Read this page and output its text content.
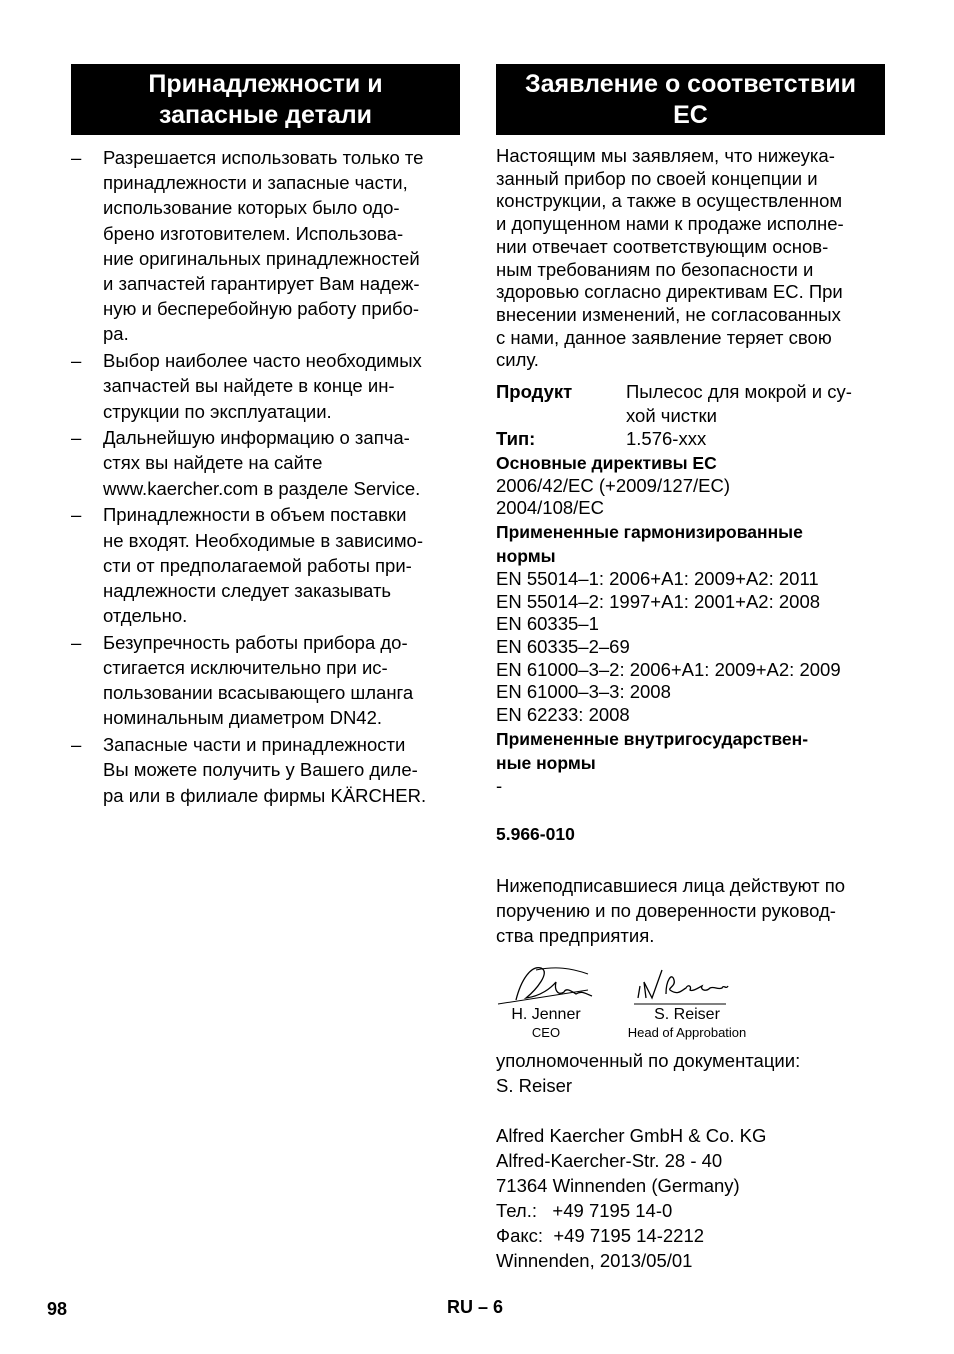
Принадлежности и
запасные детали
– Разрешается использовать только те
принадлежности и запасные части,
использование которых было одо-
брено изготовителем. Использова-
ние оригинальных принадлежностей
и запчастей гарантирует Вам надеж-
ную и бесперебойную работу прибо-
ра.
– Выбор наиболее часто необходимых
запчастей вы найдете в конце ин-
струкции по эксплуатации.
– Дальнейшую информацию о запча-
стях вы найдете на сайте
www.kaercher.com в разделе Service.
– Принадлежности в объем поставки
не входят. Необходимые в зависимо-
сти от предполагаемой работы при-
надлежности следует заказывать
отдельно.
– Безупречность работы прибора до-
стигается исключительно при ис-
пользовании всасывающего шланга
номинальным диаметром DN42.
– Запасные части и принадлежности
Вы можете получить у Вашего диле-
ра или в филиале фирмы KÄRCHER.
Заявление о соответствии
ЕС

Настоящим мы заявляем, что нижеука-
занный прибор по своей концепции и
конструкции, а также в осуществленном
и допущенном нами к продаже исполне-
нии отвечает соответствующим основ-
ным требованиям по безопасности и
здоровью согласно директивам ЕС. При
внесении изменений, не согласованных
с нами, данное заявление теряет свою
силу.

Продукт	Пылесос для мокрой и су-
хой чистки
Тип:	1.576-xxx
Основные директивы ЕС
2006/42/EC (+2009/127/EC)
2004/108/EC
Примененные гармонизированные
нормы
EN 55014–1: 2006+A1: 2009+A2: 2011
EN 55014–2: 1997+A1: 2001+A2: 2008
EN 60335–1
EN 60335–2–69
EN 61000–3–2: 2006+A1: 2009+A2: 2009
EN 61000–3–3: 2008
EN 62233: 2008
Примененные внутригосударствен-
ные нормы
-
5.966-010

Нижеподписавшиеся лица действуют по
поручению и по доверенности руковод-
ства предприятия.

H. Jenner
CEO
S. Reiser
Head of Approbation

уполномоченный по документации:
S. Reiser

Alfred Kaercher GmbH & Co. KG
Alfred-Kaercher-Str. 28 - 40
71364 Winnenden (Germany)
Тел.:   +49 7195 14-0
Факс:  +49 7195 14-2212
Winnenden, 2013/05/01
98	RU – 6
